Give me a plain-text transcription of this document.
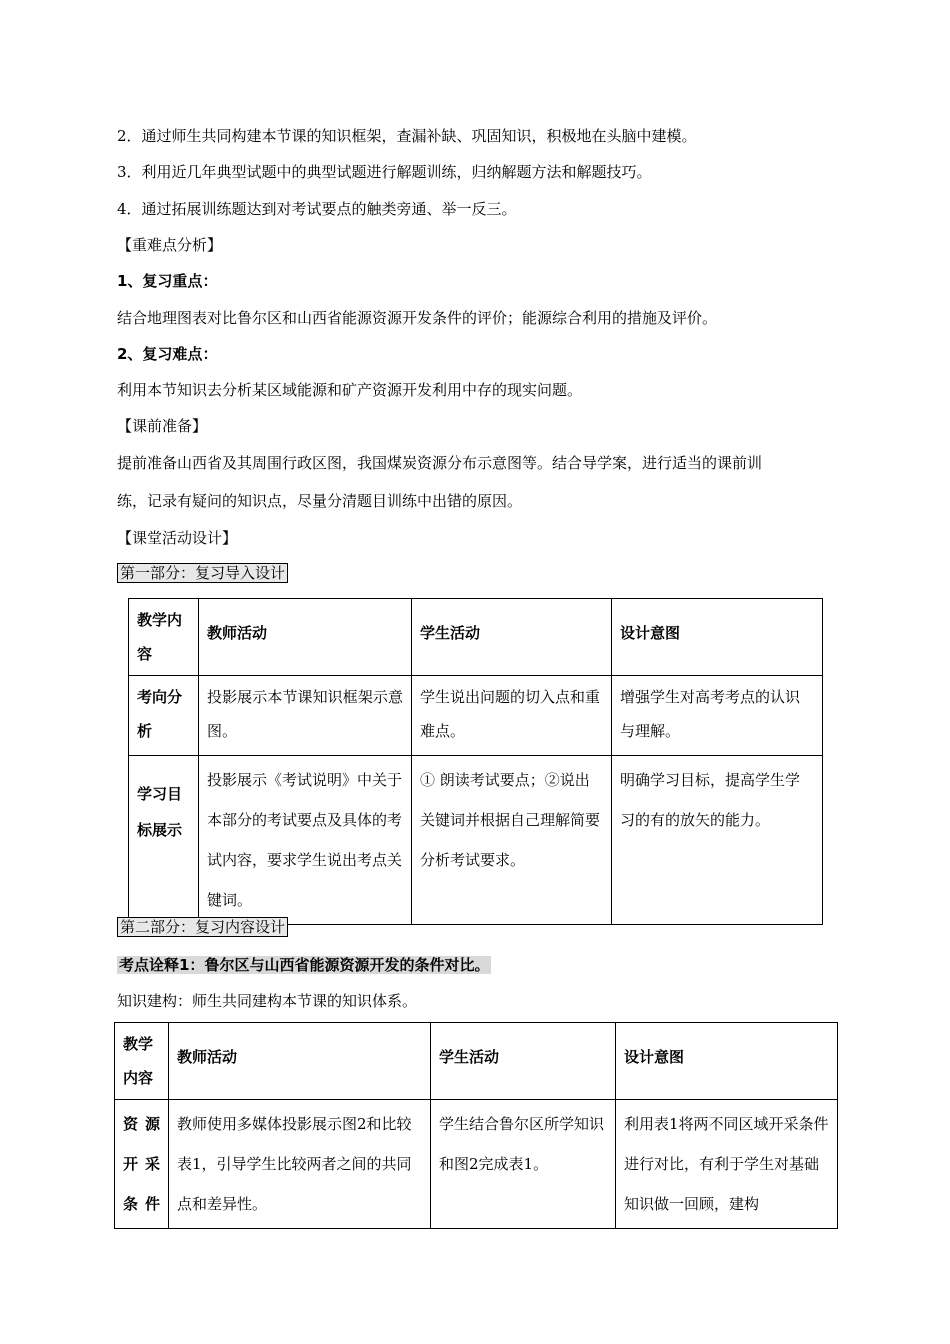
2．通过师生共同构建本节课的知识框架，查漏补缺、巩固知识，积极地在头脑中建模。
3．利用近几年典型试题中的典型试题进行解题训练，归纳解题方法和解题技巧。
4．通过拓展训练题达到对考试要点的触类旁通、举一反三。
【重难点分析】
1、复习重点：
结合地理图表对比鲁尔区和山西省能源资源开发条件的评价；能源综合利用的措施及评价。
2、复习难点：
利用本节知识去分析某区域能源和矿产资源开发利用中存的现实问题。
【课前准备】
提前准备山西省及其周围行政区图，我国煤炭资源分布示意图等。结合导学案，进行适当的课前训
练，记录有疑问的知识点，尽量分清题目训练中出错的原因。
【课堂活动设计】
第一部分：复习导入设计
教学内容	教师活动	学生活动	设计意图
考向分析	投影展示本节课知识框架示意图。	学生说出问题的切入点和重难点。	增强学生对高考考点的认识与理解。
学习目标展示	投影展示《考试说明》中关于本部分的考试要点及具体的考试内容，要求学生说出考点关键词。	① 朗读考试要点；②说出关键词并根据自己理解简要分析考试要求。	明确学习目标，提高学生学习的有的放矢的能力。
第二部分：复习内容设计
考点诠释1：鲁尔区与山西省能源资源开发的条件对比。
知识建构：师生共同建构本节课的知识体系。
教学内容	教师活动	学生活动	设计意图
资源开采条件	教师使用多媒体投影展示图2和比较表1，引导学生比较两者之间的共同点和差异性。	学生结合鲁尔区所学知识和图2完成表1。	利用表1将两不同区域开采条件进行对比，有利于学生对基础知识做一回顾，建构
